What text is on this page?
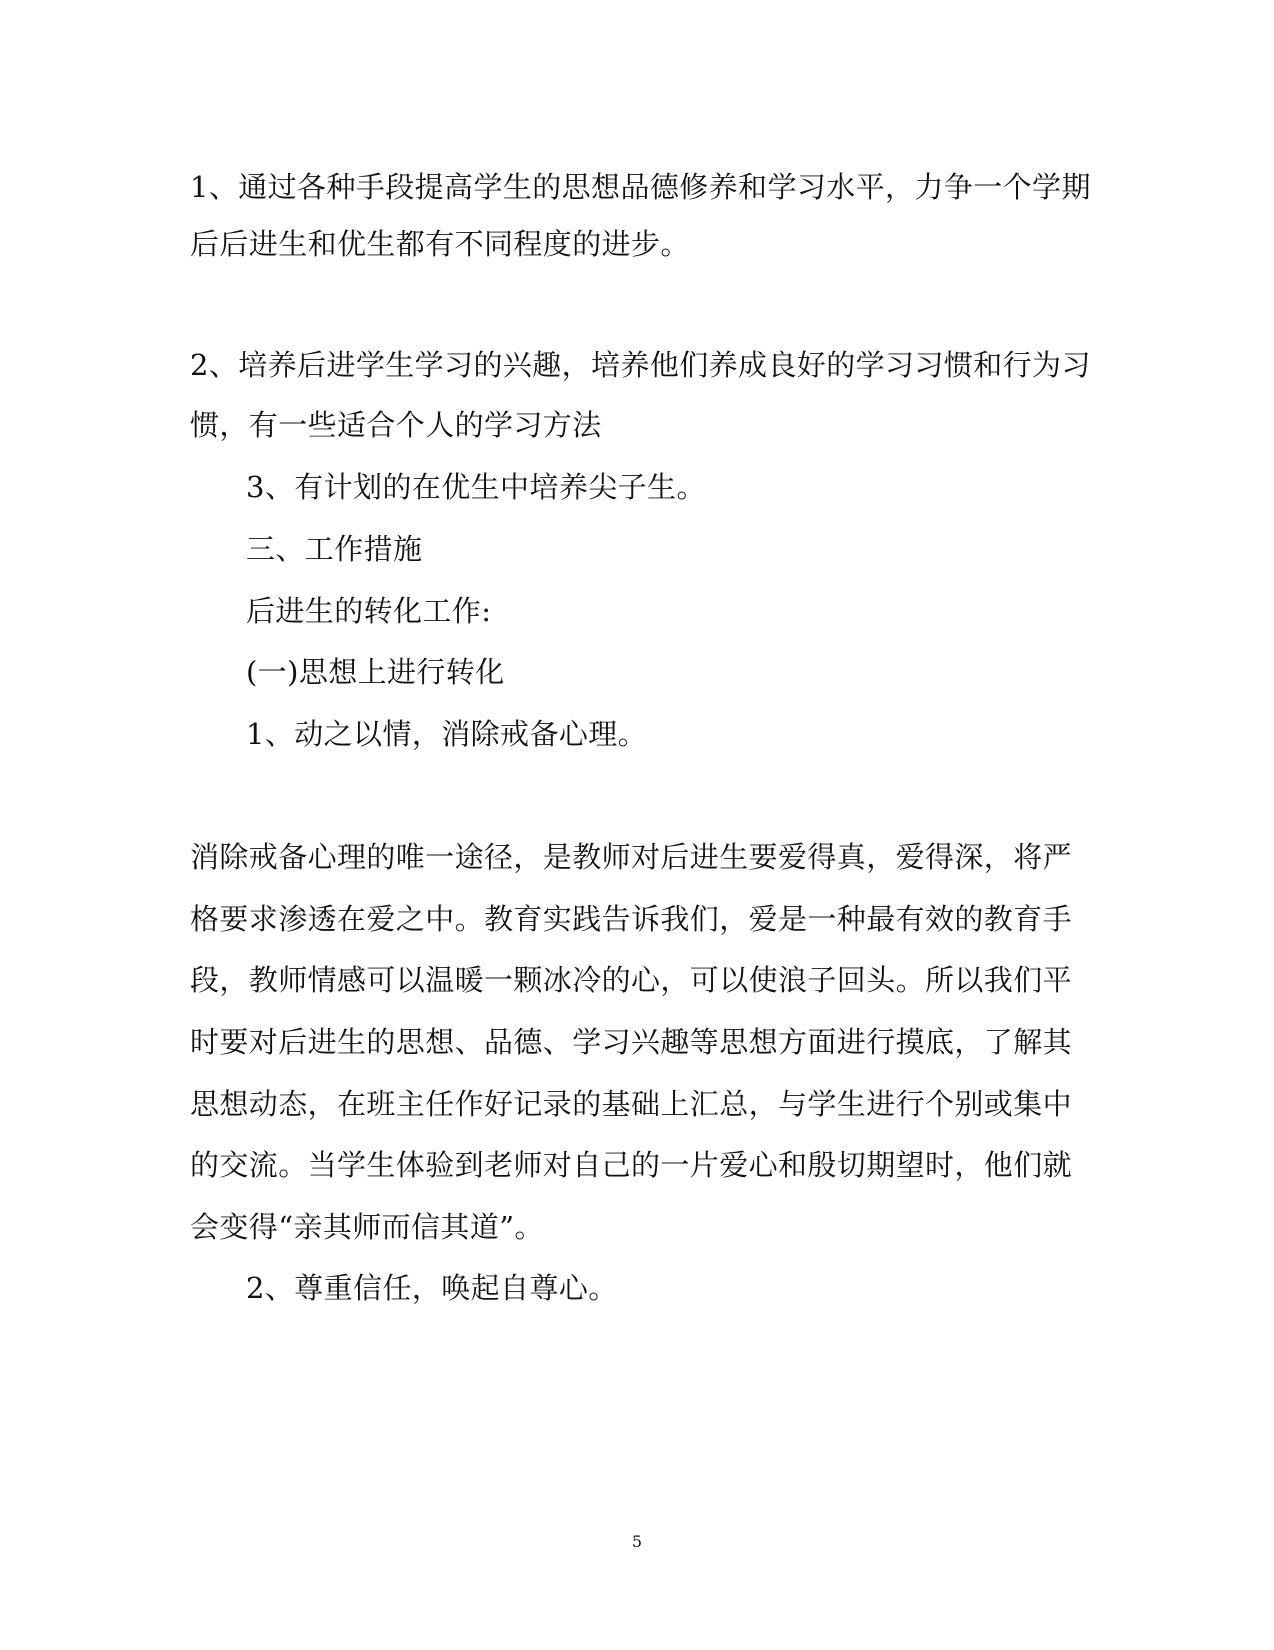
1、通过各种手段提高学生的思想品德修养和学习水平，力争一个学期
后后进生和优生都有不同程度的进步。
2、培养后进学生学习的兴趣，培养他们养成良好的学习习惯和行为习
惯，有一些适合个人的学习方法
3、有计划的在优生中培养尖子生。
三、工作措施
后进生的转化工作:
(一)思想上进行转化
1、动之以情，消除戒备心理。
消除戒备心理的唯一途径，是教师对后进生要爱得真，爱得深，将严
格要求渗透在爱之中。教育实践告诉我们，爱是一种最有效的教育手
段，教师情感可以温暖一颗冰冷的心，可以使浪子回头。所以我们平
时要对后进生的思想、品德、学习兴趣等思想方面进行摸底，了解其
思想动态，在班主任作好记录的基础上汇总，与学生进行个别或集中
的交流。当学生体验到老师对自己的一片爱心和殷切期望时，他们就
会变得“亲其师而信其道”。
2、尊重信任，唤起自尊心。
5
